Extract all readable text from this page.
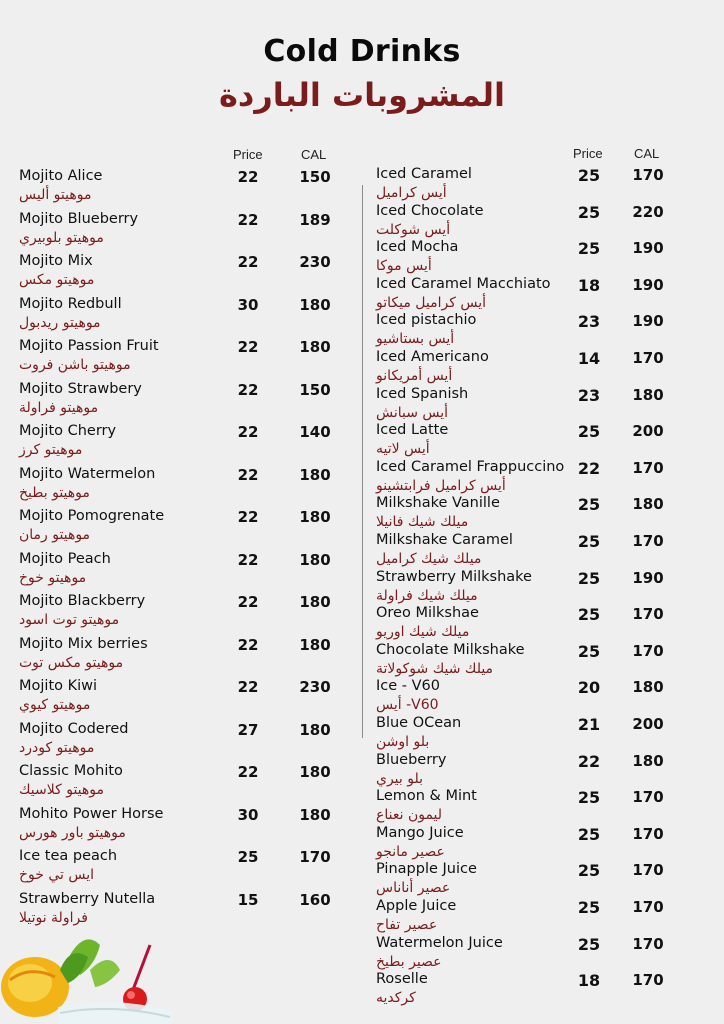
Cold Drinks
المشروبات الباردة
Price	CAL	Price CAL
Mojito Alice
موهيتو أليس
22	150
Mojito Blueberry
موهيتو بلوبيري
22	189
Mojito Mix
موهيتو مكس
22	230
Mojito Redbull
موهيتو ريدبول
30	180
Mojito Passion Fruit
موهيتو باشن فروت
22	180
Mojito Strawbery
موهيتو فراولة
22	150
Mojito Cherry
موهيتو كرز
22	140
Mojito Watermelon
موهيتو بطيخ
22	180
Mojito Pomogrenate
موهيتو رمان
22	180
Mojito Peach
موهيتو خوخ
22	180
Mojito Blackberry
موهيتو توت اسود
22	180
Mojito Mix berries
موهيتو مكس توت
22	180
Mojito Kiwi
موهيتو كيوي
22	230
Mojito Codered
موهيتو كودرد
27	180
Classic Mohito
موهيتو كلاسيك
22	180
Mohito Power Horse
موهيتو باور هورس
30	180
Ice tea peach
ايس تي خوخ
25	170
Strawberry Nutella
فراولة نوتيلا
15	160
Iced Caramel
أيس كراميل
25	170
Iced Chocolate
أيس شوكلت
25	220
Iced Mocha
أيس موكا
25	190
Iced Caramel Macchiato
أيس كراميل ميكاتو
18	190
Iced pistachio
أيس بستاشيو
23	190
Iced Americano
أيس أمريكانو
14	170
Iced Spanish
أيس سبانش
23	180
Iced Latte
أيس لاتيه
25	200
Iced Caramel Frappuccino
أيس كراميل فرابتشينو
22	170
Milkshake Vanille
ميلك شيك فانيلا
25	180
Milkshake Caramel
ميلك شيك كراميل
25	170
Strawberry Milkshake
ميلك شيك فراولة
25	190
Oreo Milkshae
ميلك شيك اوريو
25	170
Chocolate Milkshake
ميلك شيك شوكولاتة
25	170
Ice - V60
V60- أيس
20	180
Blue OCean
بلو اوشن
21	200
Blueberry
بلو بيري
22	180
Lemon & Mint
ليمون نعناع
25	170
Mango Juice
عصير مانجو
25	170
Pinapple Juice
عصير أناناس
25	170
Apple Juice
عصير تفاح
25	170
Watermelon Juice
عصير بطيخ
25	170
Roselle
كركديه
18	170
